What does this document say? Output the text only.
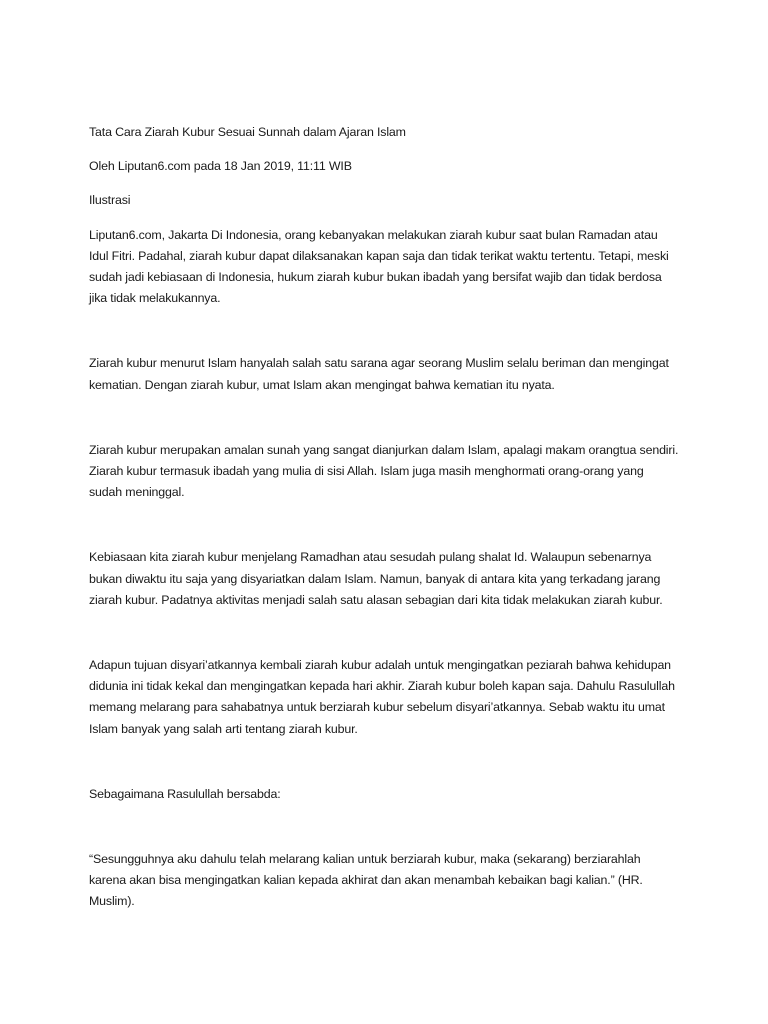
Tata Cara Ziarah Kubur Sesuai Sunnah dalam Ajaran Islam

Oleh Liputan6.com pada 18 Jan 2019, 11:11 WIB

Ilustrasi

Liputan6.com, Jakarta Di Indonesia, orang kebanyakan melakukan ziarah kubur saat bulan Ramadan atau Idul Fitri. Padahal, ziarah kubur dapat dilaksanakan kapan saja dan tidak terikat waktu tertentu. Tetapi, meski sudah jadi kebiasaan di Indonesia, hukum ziarah kubur bukan ibadah yang bersifat wajib dan tidak berdosa jika tidak melakukannya.

Ziarah kubur menurut Islam hanyalah salah satu sarana agar seorang Muslim selalu beriman dan mengingat kematian. Dengan ziarah kubur, umat Islam akan mengingat bahwa kematian itu nyata.

Ziarah kubur merupakan amalan sunah yang sangat dianjurkan dalam Islam, apalagi makam orangtua sendiri. Ziarah kubur termasuk ibadah yang mulia di sisi Allah. Islam juga masih menghormati orang-orang yang sudah meninggal.

Kebiasaan kita ziarah kubur menjelang Ramadhan atau sesudah pulang shalat Id. Walaupun sebenarnya bukan diwaktu itu saja yang disyariatkan dalam Islam. Namun, banyak di antara kita yang terkadang jarang ziarah kubur. Padatnya aktivitas menjadi salah satu alasan sebagian dari kita tidak melakukan ziarah kubur.

Adapun tujuan disyari’atkannya kembali ziarah kubur adalah untuk mengingatkan peziarah bahwa kehidupan didunia ini tidak kekal dan mengingatkan kepada hari akhir. Ziarah kubur boleh kapan saja. Dahulu Rasulullah memang melarang para sahabatnya untuk berziarah kubur sebelum disyari’atkannya. Sebab waktu itu umat Islam banyak yang salah arti tentang ziarah kubur.

Sebagaimana Rasulullah bersabda:

“Sesungguhnya aku dahulu telah melarang kalian untuk berziarah kubur, maka (sekarang) berziarahlah karena akan bisa mengingatkan kalian kepada akhirat dan akan menambah kebaikan bagi kalian.” (HR. Muslim).
